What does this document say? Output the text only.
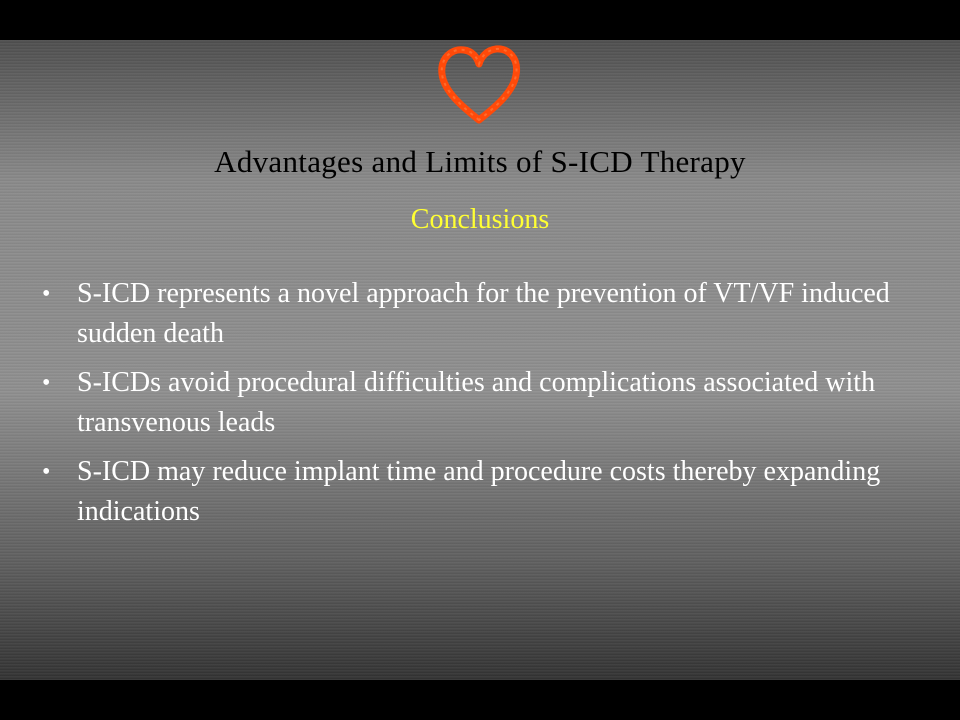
Advantages and Limits of S-ICD Therapy
Conclusions
• S-ICD represents a novel approach for the prevention of VT/VF induced sudden death
• S-ICDs avoid procedural difficulties and complications associated with transvenous leads
• S-ICD may reduce implant time and procedure costs thereby expanding indications
